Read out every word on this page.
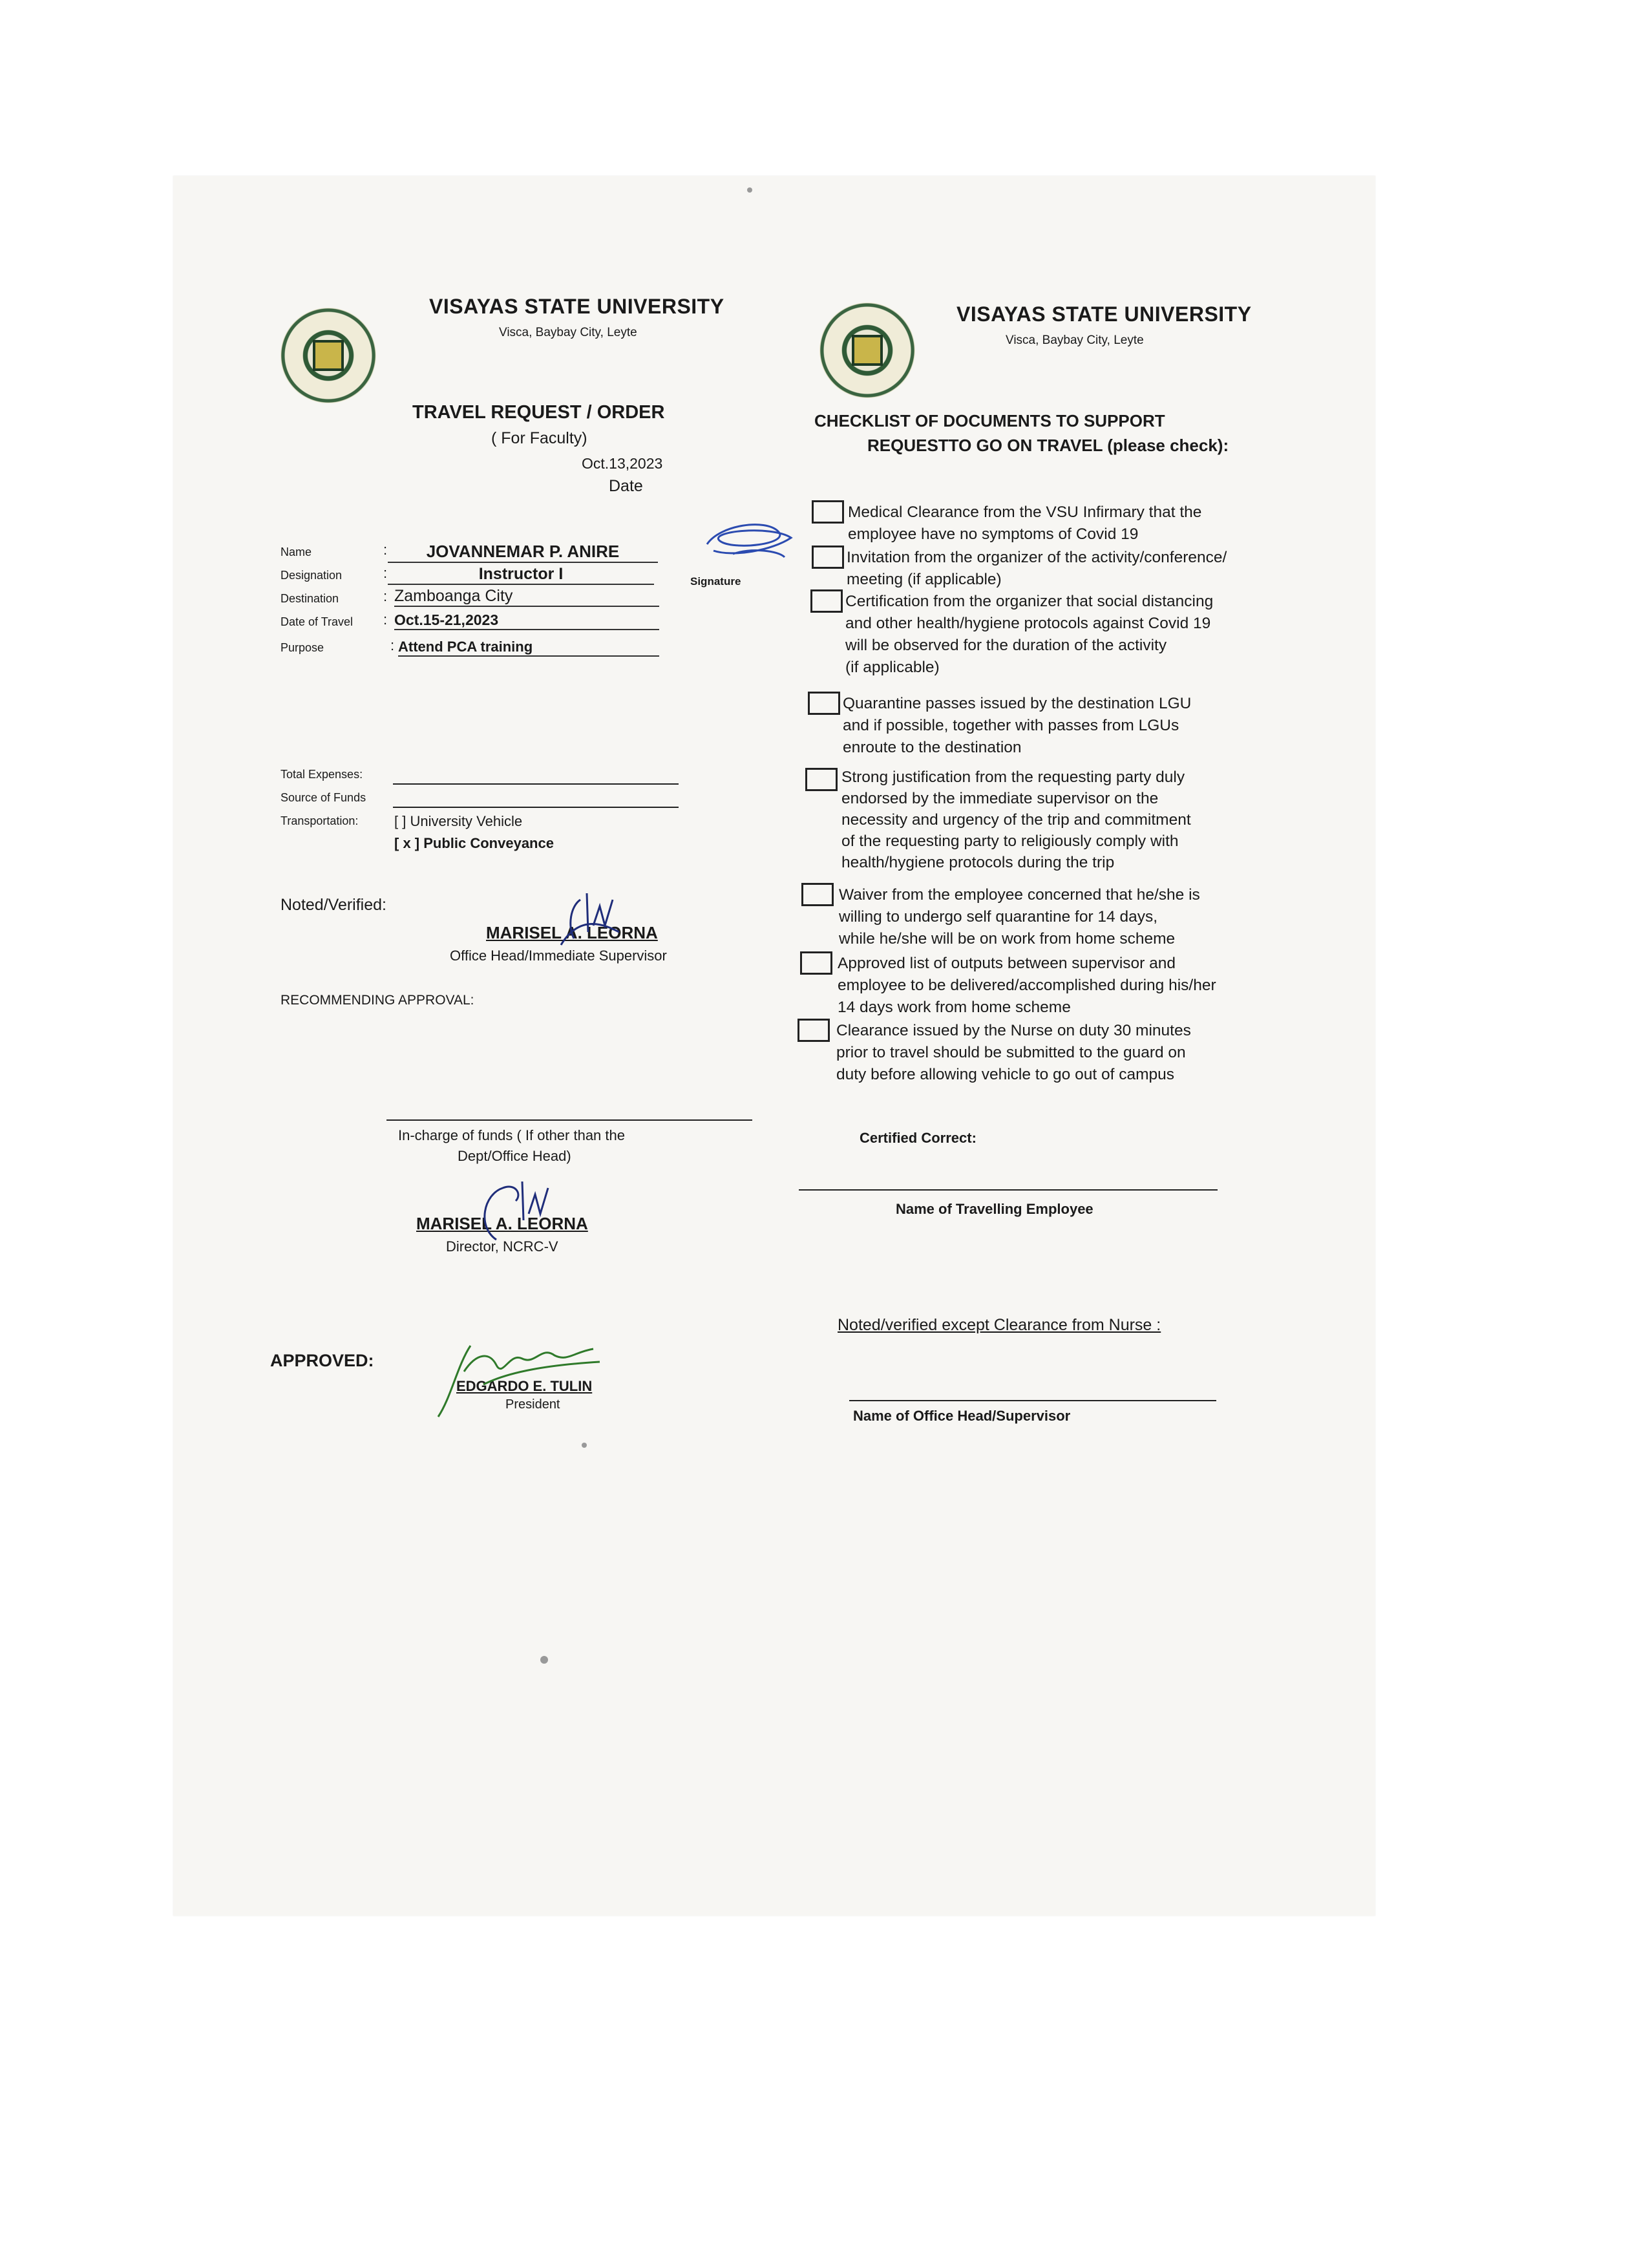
VISAYAS STATE UNIVERSITY
Visca, Baybay City, Leyte
VISAYAS STATE UNIVERSITY
Visca, Baybay City, Leyte
TRAVEL REQUEST / ORDER
( For Faculty)
Oct.13,2023
Date
CHECKLIST OF DOCUMENTS TO SUPPORT
REQUESTTO GO ON TRAVEL (please check):
Name	:	JOVANNEMAR P. ANIRE
Designation	:	Instructor I	Signature
Destination	: Zamboanga City
Date of Travel : Oct.15-21,2023
Purpose	: Attend PCA training
Total Expenses:
Source of Funds
Transportation:	[ ] University Vehicle
[ x ] Public Conveyance
Noted/Verified:
MARISEL A. LEORNA
Office Head/Immediate Supervisor
RECOMMENDING APPROVAL:
In-charge of funds ( If other than the
Dept/Office Head)
MARISEL A. LEORNA
Director, NCRC-V
APPROVED:
EDGARDO E. TULIN
President
Medical Clearance from the VSU Infirmary that the
employee have no symptoms of Covid 19
Invitation from the organizer of the activity/conference/
meeting (if applicable)
Certification from the organizer that social distancing
and other health/hygiene protocols against Covid 19
will be observed for the duration of the activity
(if applicable)
Quarantine passes issued by the destination LGU
and if possible, together with passes from LGUs
enroute to the destination
Strong justification from the requesting party duly
endorsed by the immediate supervisor on the
necessity and urgency of the trip and commitment
of the requesting party to religiously comply with
health/hygiene protocols during the trip
Waiver from the employee concerned that he/she is
willing to undergo self quarantine for 14 days,
while he/she will be on work from home scheme
Approved list of outputs between supervisor and
employee to be delivered/accomplished during his/her
14 days work from home scheme
Clearance issued by the Nurse on duty 30 minutes
prior to travel should be submitted to the guard on
duty before allowing vehicle to go out of campus
Certified Correct:
Name of Travelling Employee
Noted/verified except Clearance from Nurse :
Name of Office Head/Supervisor
